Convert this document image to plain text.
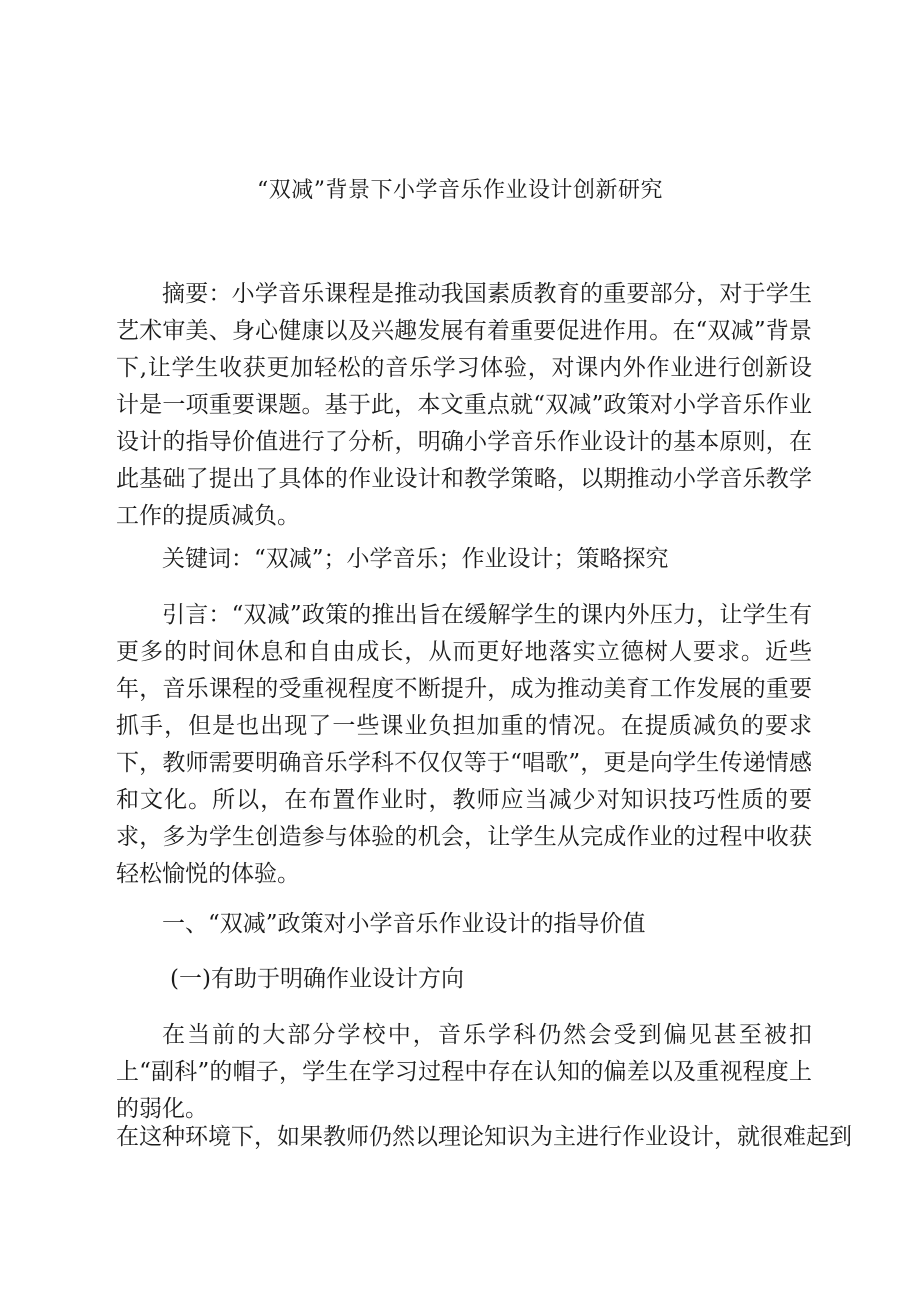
“双减”背景下小学音乐作业设计创新研究

摘要：小学音乐课程是推动我国素质教育的重要部分，对于学生艺术审美、身心健康以及兴趣发展有着重要促进作用。在“双减”背景下,让学生收获更加轻松的音乐学习体验，对课内外作业进行创新设计是一项重要课题。基于此，本文重点就“双减”政策对小学音乐作业设计的指导价值进行了分析，明确小学音乐作业设计的基本原则，在此基础了提出了具体的作业设计和教学策略，以期推动小学音乐教学工作的提质减负。

关键词：“双减”；小学音乐；作业设计；策略探究

引言：“双减”政策的推出旨在缓解学生的课内外压力，让学生有更多的时间休息和自由成长，从而更好地落实立德树人要求。近些年，音乐课程的受重视程度不断提升，成为推动美育工作发展的重要抓手，但是也出现了一些课业负担加重的情况。在提质减负的要求下，教师需要明确音乐学科不仅仅等于“唱歌”，更是向学生传递情感和文化。所以，在布置作业时，教师应当减少对知识技巧性质的要求，多为学生创造参与体验的机会，让学生从完成作业的过程中收获轻松愉悦的体验。

一、“双减”政策对小学音乐作业设计的指导价值

(一)有助于明确作业设计方向

在当前的大部分学校中，音乐学科仍然会受到偏见甚至被扣上“副科”的帽子，学生在学习过程中存在认知的偏差以及重视程度上的弱化。

在这种环境下，如果教师仍然以理论知识为主进行作业设计，就很难起到
